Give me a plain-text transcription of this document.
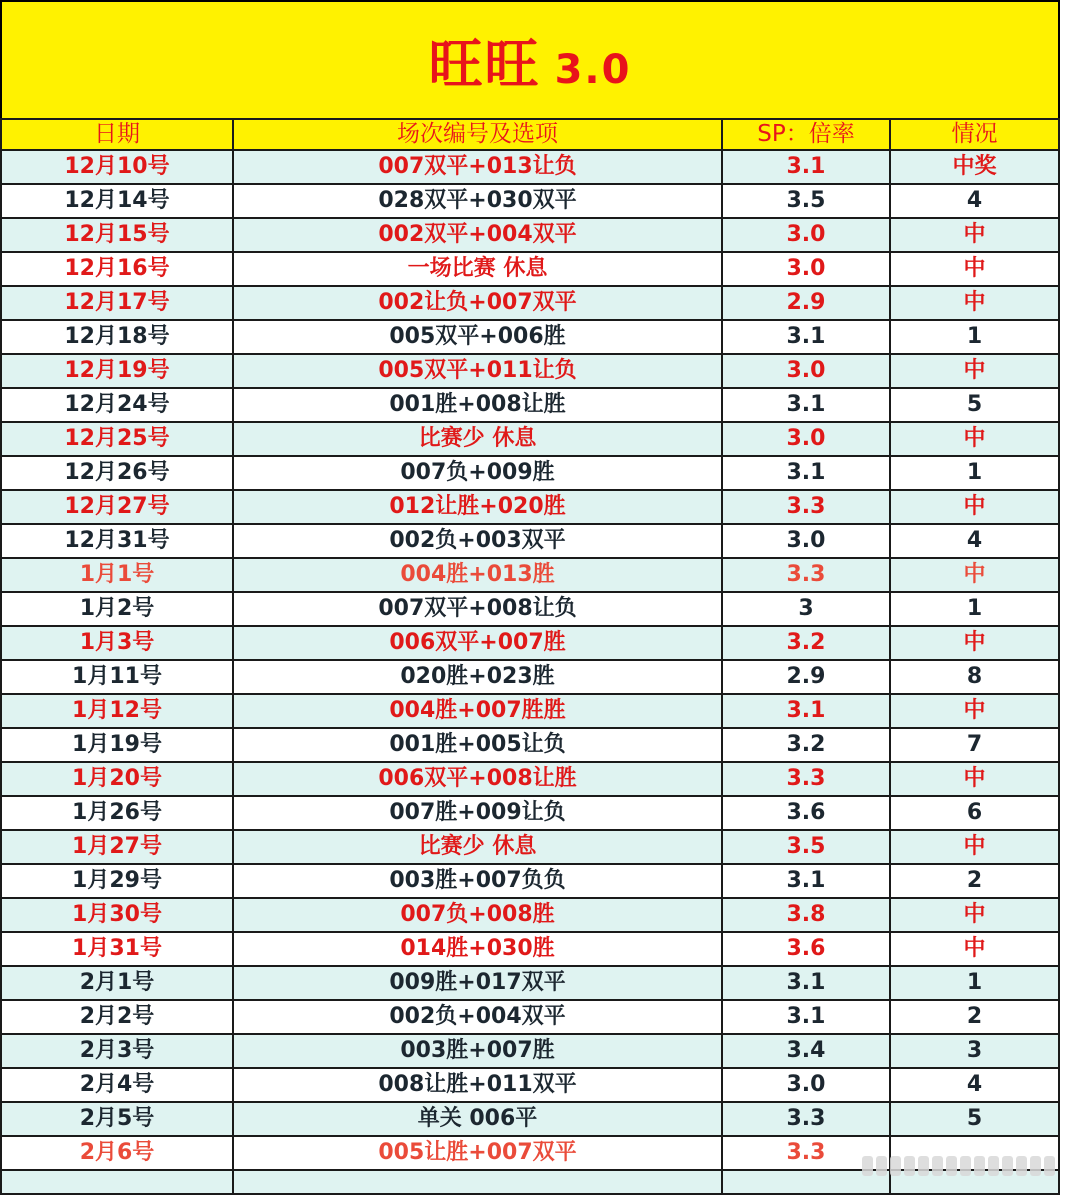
旺旺 3.0
日期	场次编号及选项	SP：倍率	情况
12月10号	007双平+013让负	3.1	中奖
12月14号	028双平+030双平	3.5	4
12月15号	002双平+004双平	3.0	中
12月16号	一场比赛 休息	3.0	中
12月17号	002让负+007双平	2.9	中
12月18号	005双平+006胜	3.1	1
12月19号	005双平+011让负	3.0	中
12月24号	001胜+008让胜	3.1	5
12月25号	比赛少 休息	3.0	中
12月26号	007负+009胜	3.1	1
12月27号	012让胜+020胜	3.3	中
12月31号	002负+003双平	3.0	4
1月1号	004胜+013胜	3.3	中
1月2号	007双平+008让负	3	1
1月3号	006双平+007胜	3.2	中
1月11号	020胜+023胜	2.9	8
1月12号	004胜+007胜胜	3.1	中
1月19号	001胜+005让负	3.2	7
1月20号	006双平+008让胜	3.3	中
1月26号	007胜+009让负	3.6	6
1月27号	比赛少 休息	3.5	中
1月29号	003胜+007负负	3.1	2
1月30号	007负+008胜	3.8	中
1月31号	014胜+030胜	3.6	中
2月1号	009胜+017双平	3.1	1
2月2号	002负+004双平	3.1	2
2月3号	003胜+007胜	3.4	3
2月4号	008让胜+011双平	3.0	4
2月5号	单关 006平	3.3	5
2月6号	005让胜+007双平	3.3	
